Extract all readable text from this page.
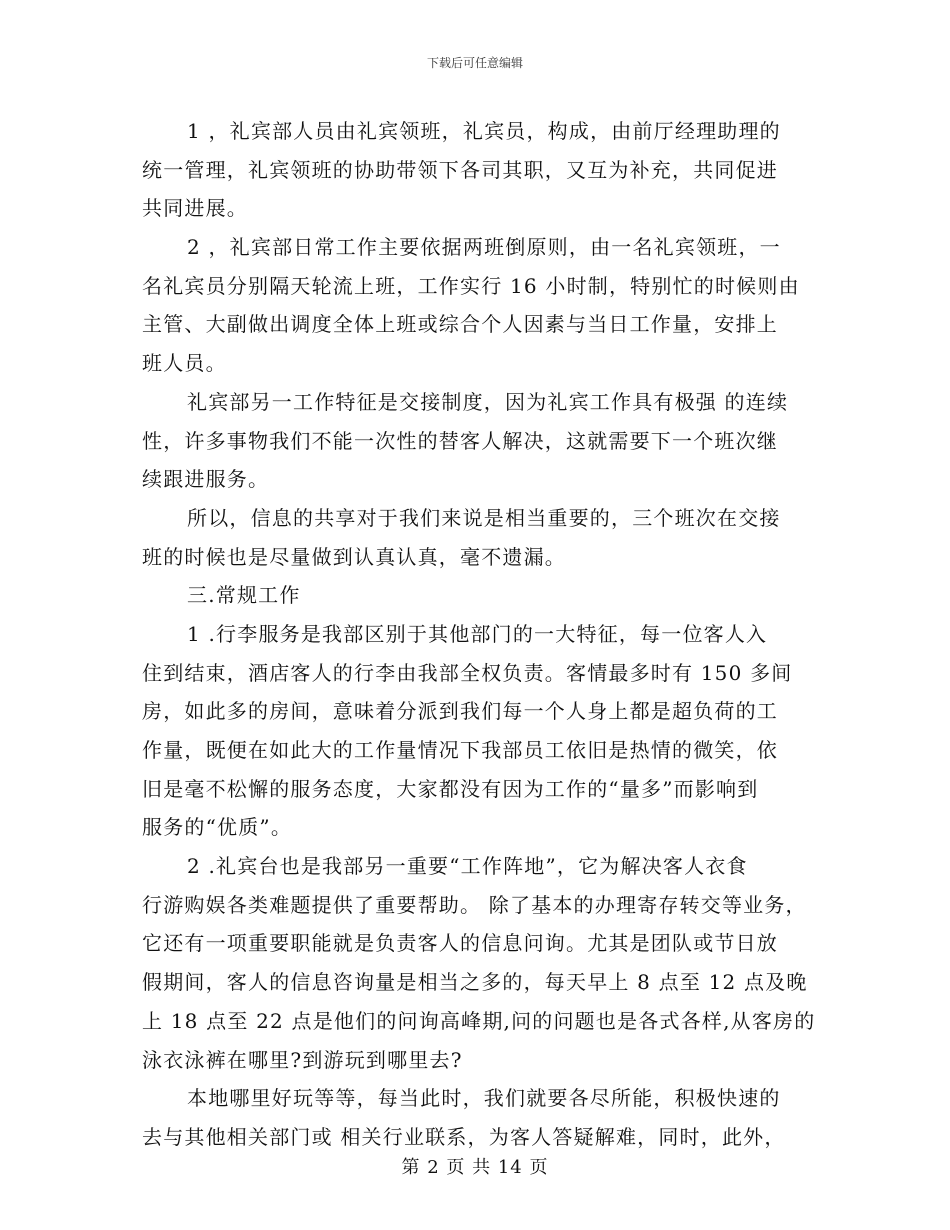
下载后可任意编辑
1 ，礼宾部人员由礼宾领班，礼宾员，构成，由前厅经理助理的
统一管理，礼宾领班的协助带领下各司其职，又互为补充，共同促进
共同进展。
2 ，礼宾部日常工作主要依据两班倒原则，由一名礼宾领班，一
名礼宾员分别隔天轮流上班，工作实行 16 小时制，特别忙的时候则由
主管、大副做出调度全体上班或综合个人因素与当日工作量，安排上
班人员。
礼宾部另一工作特征是交接制度，因为礼宾工作具有极强 的连续
性，许多事物我们不能一次性的替客人解决，这就需要下一个班次继
续跟进服务。
所以，信息的共享对于我们来说是相当重要的，三个班次在交接
班的时候也是尽量做到认真认真，毫不遗漏。
三.常规工作
1 .行李服务是我部区别于其他部门的一大特征，每一位客人入
住到结束，酒店客人的行李由我部全权负责。客情最多时有 150 多间
房，如此多的房间，意味着分派到我们每一个人身上都是超负荷的工
作量，既便在如此大的工作量情况下我部员工依旧是热情的微笑，依
旧是毫不松懈的服务态度，大家都没有因为工作的“量多”而影响到
服务的“优质”。
2 .礼宾台也是我部另一重要“工作阵地”，它为解决客人衣食
行游购娱各类难题提供了重要帮助。 除了基本的办理寄存转交等业务，
它还有一项重要职能就是负责客人的信息问询。尤其是团队或节日放
假期间，客人的信息咨询量是相当之多的，每天早上 8 点至 12 点及晚
上 18 点至 22 点是他们的问询高峰期,问的问题也是各式各样,从客房的
泳衣泳裤在哪里?到游玩到哪里去?
本地哪里好玩等等，每当此时，我们就要各尽所能，积极快速的
去与其他相关部门或 相关行业联系，为客人答疑解难，同时，此外，
第 2 页 共 14 页
